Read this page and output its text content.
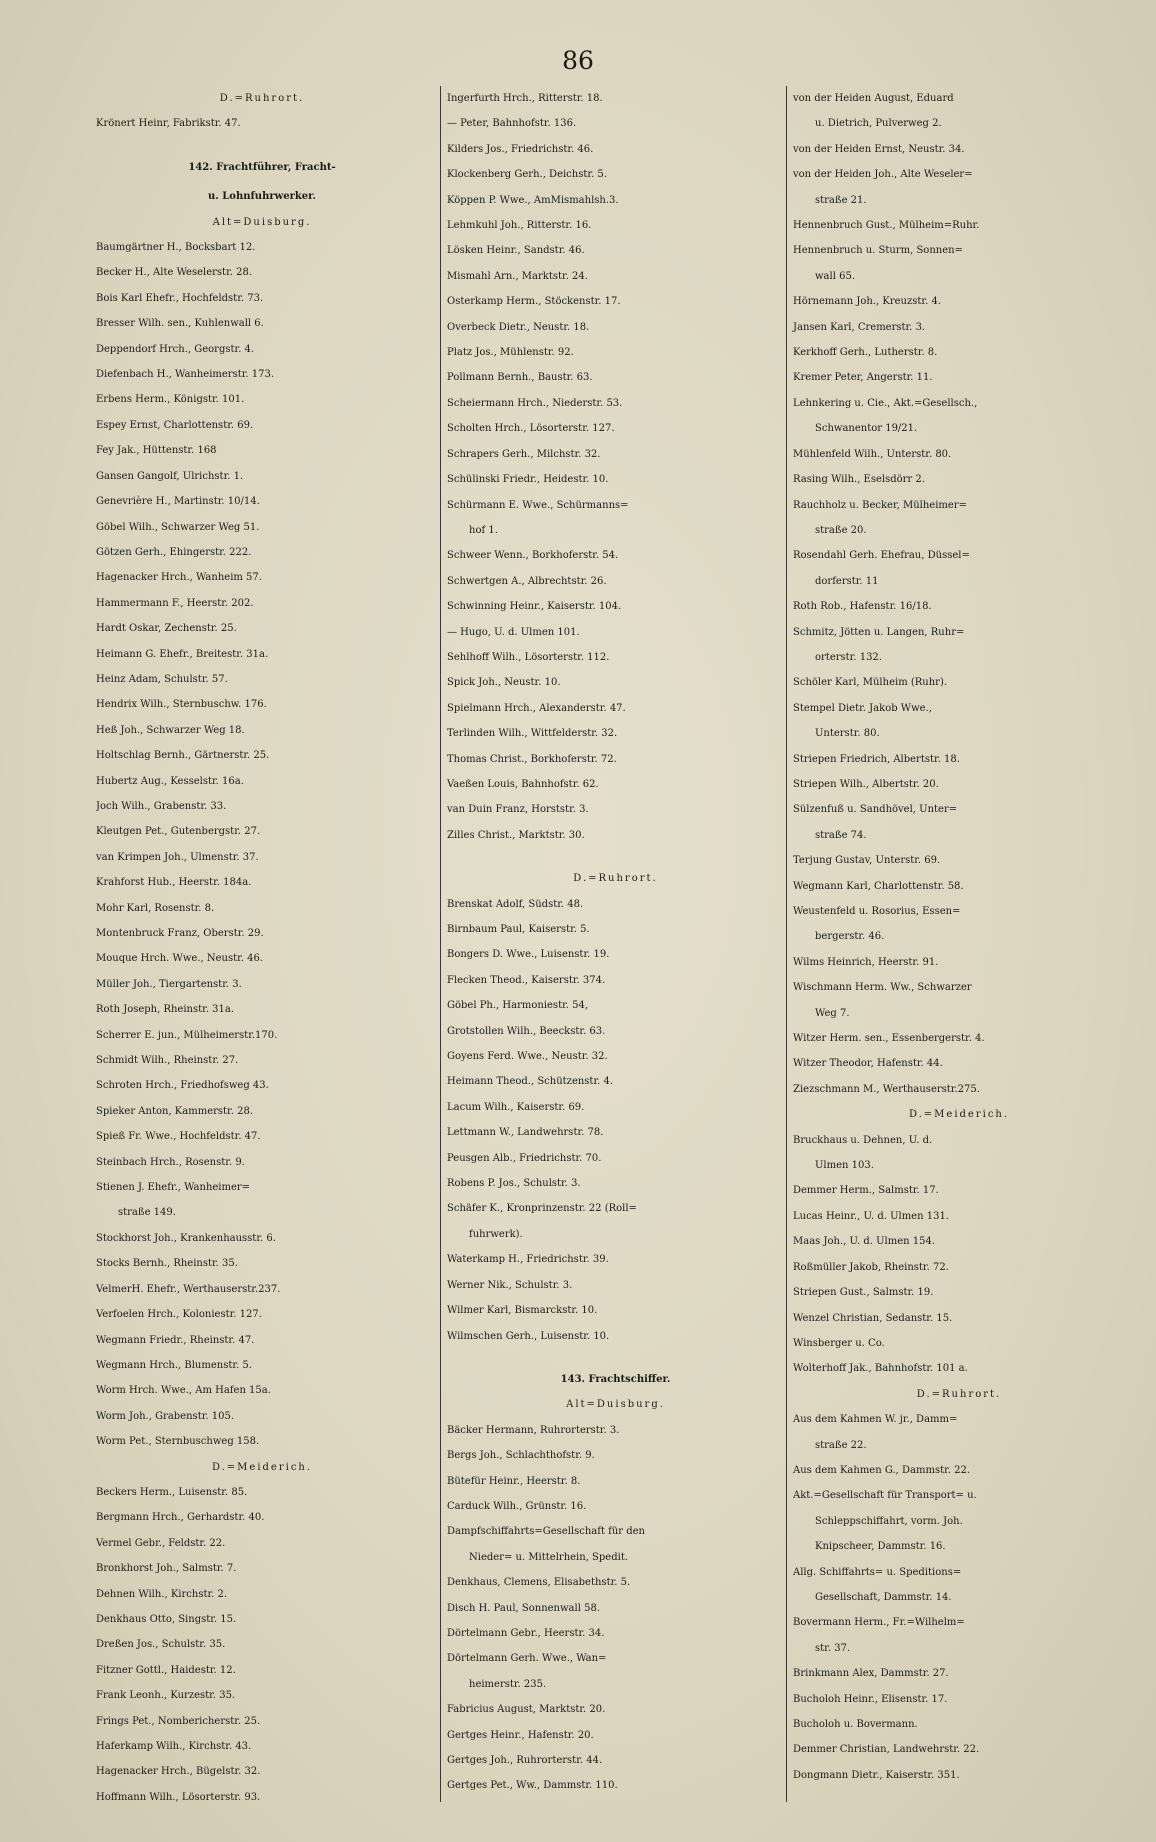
86
D.=Ruhrort.
Krönert Heinr, Fabrikstr. 47.
142. Frachtführer, Fracht-
u. Lohnfuhrwerker.
Alt=Duisburg.
Baumgärtner H., Bocksbart 12.
Becker H., Alte Weselerstr. 28.
Bois Karl Ehefr., Hochfeldstr. 73.
Bresser Wilh. sen., Kuhlenwall 6.
Deppendorf Hrch., Georgstr. 4.
Diefenbach H., Wanheimerstr. 173.
Erbens Herm., Königstr. 101.
Espey Ernst, Charlottenstr. 69.
Fey Jak., Hüttenstr. 168
Gansen Gangolf, Ulrichstr. 1.
Genevrière H., Martinstr. 10/14.
Göbel Wilh., Schwarzer Weg 51.
Götzen Gerh., Ehingerstr. 222.
Hagenacker Hrch., Wanheim 57.
Hammermann F., Heerstr. 202.
Hardt Oskar, Zechenstr. 25.
Heimann G. Ehefr., Breitestr. 31a.
Heinz Adam, Schulstr. 57.
Hendrix Wilh., Sternbuschw. 176.
Heß Joh., Schwarzer Weg 18.
Holtschlag Bernh., Gärtnerstr. 25.
Hubertz Aug., Kesselstr. 16a.
Joch Wilh., Grabenstr. 33.
Kleutgen Pet., Gutenbergstr. 27.
van Krimpen Joh., Ulmenstr. 37.
Krahforst Hub., Heerstr. 184a.
Mohr Karl, Rosenstr. 8.
Montenbruck Franz, Oberstr. 29.
Mouque Hrch. Wwe., Neustr. 46.
Müller Joh., Tiergartenstr. 3.
Roth Joseph, Rheinstr. 31a.
Scherrer E. jun., Mülheimerstr.170.
Schmidt Wilh., Rheinstr. 27.
Schroten Hrch., Friedhofsweg 43.
Spieker Anton, Kammerstr. 28.
Spieß Fr. Wwe., Hochfeldstr. 47.
Steinbach Hrch., Rosenstr. 9.
Stienen J. Ehefr., Wanheimer=
straße 149.
Stockhorst Joh., Krankenhausstr. 6.
Stocks Bernh., Rheinstr. 35.
VelmerH. Ehefr., Werthauserstr.237.
Verfoelen Hrch., Koloniestr. 127.
Wegmann Friedr., Rheinstr. 47.
Wegmann Hrch., Blumenstr. 5.
Worm Hrch. Wwe., Am Hafen 15a.
Worm Joh., Grabenstr. 105.
Worm Pet., Sternbuschweg 158.
D.=Meiderich.
Beckers Herm., Luisenstr. 85.
Bergmann Hrch., Gerhardstr. 40.
Vermel Gebr., Feldstr. 22.
Bronkhorst Joh., Salmstr. 7.
Dehnen Wilh., Kirchstr. 2.
Denkhaus Otto, Singstr. 15.
Dreßen Jos., Schulstr. 35.
Fitzner Gottl., Haidestr. 12.
Frank Leonh., Kurzestr. 35.
Frings Pet., Nombericherstr. 25.
Haferkamp Wilh., Kirchstr. 43.
Hagenacker Hrch., Bügelstr. 32.
Hoffmann Wilh., Lösorterstr. 93.
Ingerfurth Hrch., Ritterstr. 18.
— Peter, Bahnhofstr. 136.
Kilders Jos., Friedrichstr. 46.
Klockenberg Gerh., Deichstr. 5.
Köppen P. Wwe., AmMismahlsh.3.
Lehmkuhl Joh., Ritterstr. 16.
Lösken Heinr., Sandstr. 46.
Mismahl Arn., Marktstr. 24.
Osterkamp Herm., Stöckenstr. 17.
Overbeck Dietr., Neustr. 18.
Platz Jos., Mühlenstr. 92.
Pollmann Bernh., Baustr. 63.
Scheiermann Hrch., Niederstr. 53.
Scholten Hrch., Lösorterstr. 127.
Schrapers Gerh., Milchstr. 32.
Schülinski Friedr., Heidestr. 10.
Schürmann E. Wwe., Schürmanns=
hof 1.
Schweer Wenn., Borkhoferstr. 54.
Schwertgen A., Albrechtstr. 26.
Schwinning Heinr., Kaiserstr. 104.
— Hugo, U. d. Ulmen 101.
Sehlhoff Wilh., Lösorterstr. 112.
Spick Joh., Neustr. 10.
Spielmann Hrch., Alexanderstr. 47.
Terlinden Wilh., Wittfelderstr. 32.
Thomas Christ., Borkhoferstr. 72.
Vaeßen Louis, Bahnhofstr. 62.
van Duin Franz, Horststr. 3.
Zilles Christ., Marktstr. 30.
D.=Ruhrort.
Brenskat Adolf, Südstr. 48.
Birnbaum Paul, Kaiserstr. 5.
Bongers D. Wwe., Luisenstr. 19.
Flecken Theod., Kaiserstr. 374.
Göbel Ph., Harmoniestr. 54,
Grotstollen Wilh., Beeckstr. 63.
Goyens Ferd. Wwe., Neustr. 32.
Heimann Theod., Schützenstr. 4.
Lacum Wilh., Kaiserstr. 69.
Lettmann W., Landwehrstr. 78.
Peusgen Alb., Friedrichstr. 70.
Robens P. Jos., Schulstr. 3.
Schäfer K., Kronprinzenstr. 22 (Roll=
fuhrwerk).
Waterkamp H., Friedrichstr. 39.
Werner Nik., Schulstr. 3.
Wilmer Karl, Bismarckstr. 10.
Wilmschen Gerh., Luisenstr. 10.
143. Frachtschiffer.
Alt=Duisburg.
Bäcker Hermann, Ruhrorterstr. 3.
Bergs Joh., Schlachthofstr. 9.
Bütefür Heinr., Heerstr. 8.
Carduck Wilh., Grünstr. 16.
Dampfschiffahrts=Gesellschaft für den
Nieder= u. Mittelrhein, Spedit.
Denkhaus, Clemens, Elisabethstr. 5.
Disch H. Paul, Sonnenwall 58.
Dörtelmann Gebr., Heerstr. 34.
Dörtelmann Gerh. Wwe., Wan=
heimerstr. 235.
Fabricius August, Marktstr. 20.
Gertges Heinr., Hafenstr. 20.
Gertges Joh., Ruhrorterstr. 44.
Gertges Pet., Ww., Dammstr. 110.
von der Heiden August, Eduard
u. Dietrich, Pulverweg 2.
von der Heiden Ernst, Neustr. 34.
von der Heiden Joh., Alte Weseler=
straße 21.
Hennenbruch Gust., Mülheim=Ruhr.
Hennenbruch u. Sturm, Sonnen=
wall 65.
Hörnemann Joh., Kreuzstr. 4.
Jansen Karl, Cremerstr. 3.
Kerkhoff Gerh., Lutherstr. 8.
Kremer Peter, Angerstr. 11.
Lehnkering u. Cie., Akt.=Gesellsch.,
Schwanentor 19/21.
Mühlenfeld Wilh., Unterstr. 80.
Rasing Wilh., Eselsdörr 2.
Rauchholz u. Becker, Mülheimer=
straße 20.
Rosendahl Gerh. Ehefrau, Düssel=
dorferstr. 11
Roth Rob., Hafenstr. 16/18.
Schmitz, Jötten u. Langen, Ruhr=
orterstr. 132.
Schöler Karl, Mülheim (Ruhr).
Stempel Dietr. Jakob Wwe.,
Unterstr. 80.
Striepen Friedrich, Albertstr. 18.
Striepen Wilh., Albertstr. 20.
Sülzenfuß u. Sandhövel, Unter=
straße 74.
Terjung Gustav, Unterstr. 69.
Wegmann Karl, Charlottenstr. 58.
Weustenfeld u. Rosorius, Essen=
bergerstr. 46.
Wilms Heinrich, Heerstr. 91.
Wischmann Herm. Ww., Schwarzer
Weg 7.
Witzer Herm. sen., Essenbergerstr. 4.
Witzer Theodor, Hafenstr. 44.
Ziezschmann M., Werthauserstr.275.
D.=Meiderich.
Bruckhaus u. Dehnen, U. d.
Ulmen 103.
Demmer Herm., Salmstr. 17.
Lucas Heinr., U. d. Ulmen 131.
Maas Joh., U. d. Ulmen 154.
Roßmüller Jakob, Rheinstr. 72.
Striepen Gust., Salmstr. 19.
Wenzel Christian, Sedanstr. 15.
Winsberger u. Co.
Wolterhoff Jak., Bahnhofstr. 101 a.
D.=Ruhrort.
Aus dem Kahmen W. jr., Damm=
straße 22.
Aus dem Kahmen G., Dammstr. 22.
Akt.=Gesellschaft für Transport= u.
Schleppschiffahrt, vorm. Joh.
Knipscheer, Dammstr. 16.
Allg. Schiffahrts= u. Speditions=
Gesellschaft, Dammstr. 14.
Bovermann Herm., Fr.=Wilhelm=
str. 37.
Brinkmann Alex, Dammstr. 27.
Bucholoh Heinr., Elisenstr. 17.
Bucholoh u. Bovermann.
Demmer Christian, Landwehrstr. 22.
Dongmann Dietr., Kaiserstr. 351.
